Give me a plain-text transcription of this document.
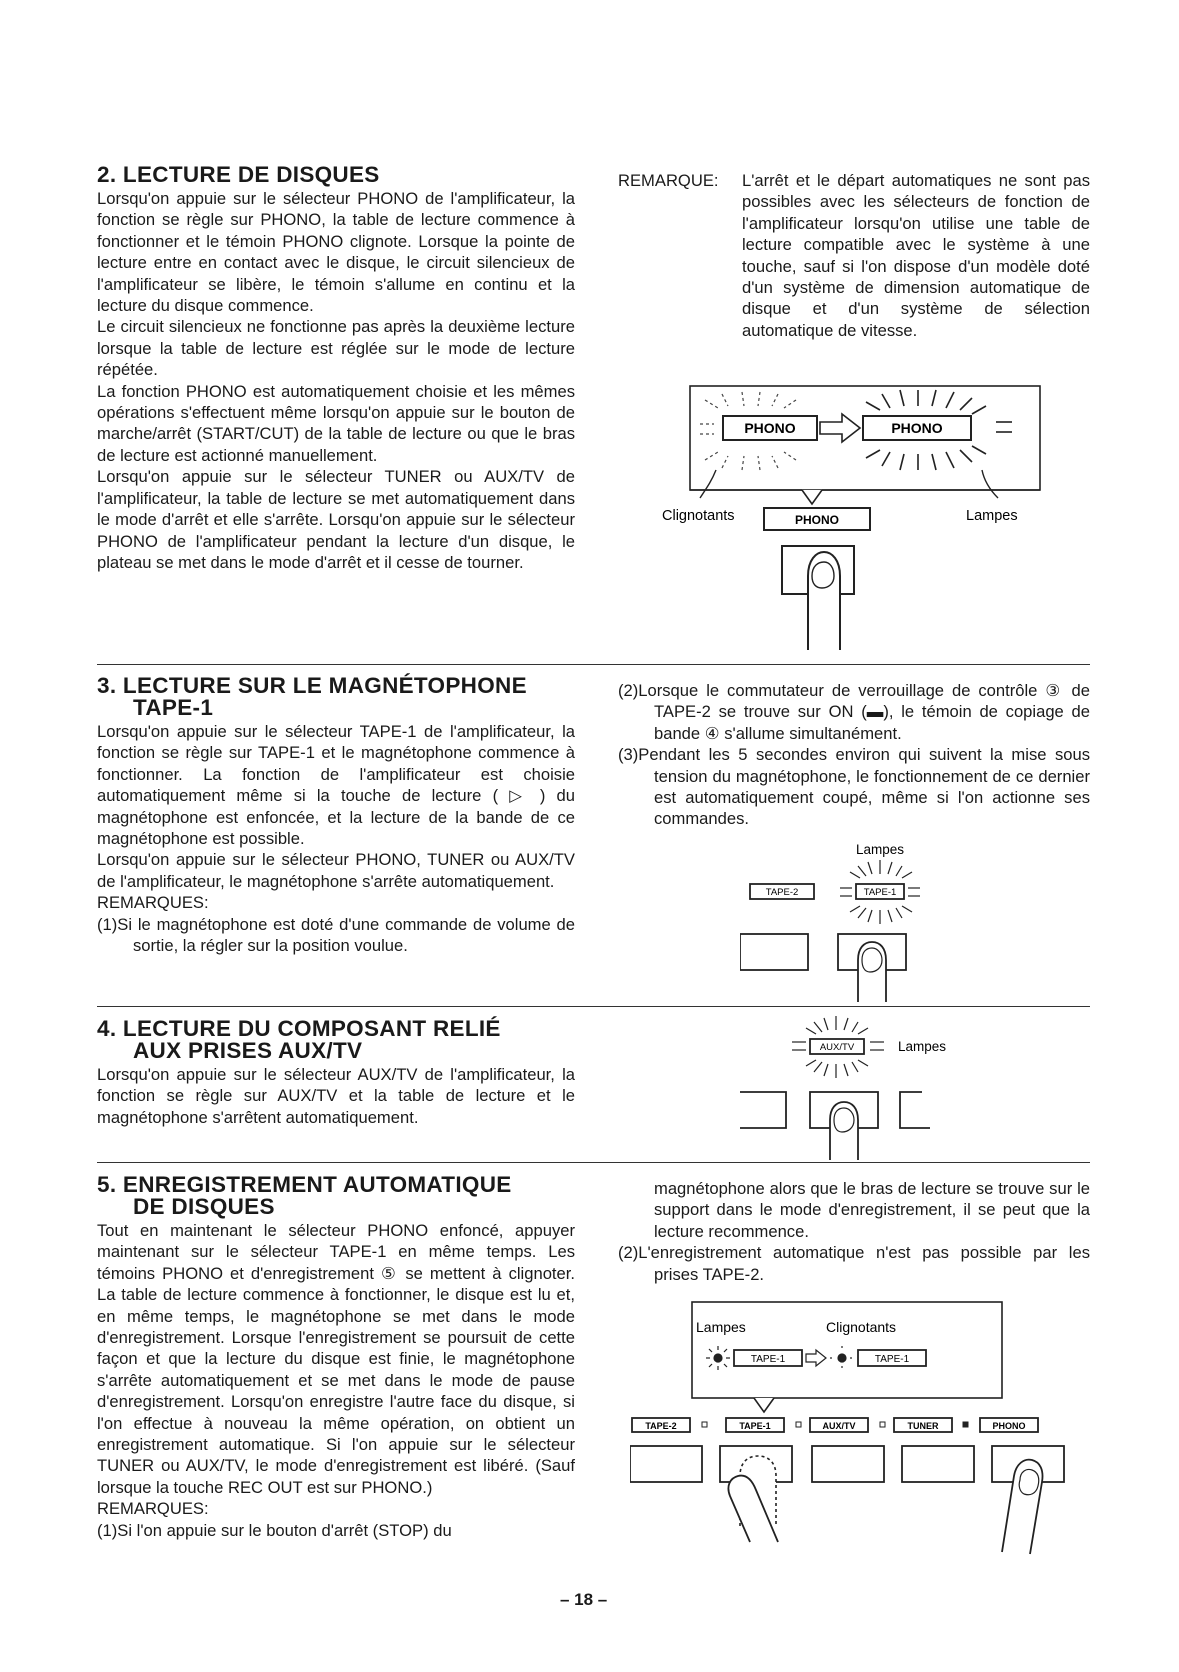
2. LECTURE DE DISQUES

Lorsqu'on appuie sur le sélecteur PHONO de l'amplificateur, la fonction se règle sur PHONO, la table de lecture commence à fonctionner et le témoin PHONO clignote. Lorsque la pointe de lecture entre en contact avec le disque, le circuit silencieux de l'amplificateur se libère, le témoin s'allume en continu et la lecture du disque commence.

Le circuit silencieux ne fonctionne pas après la deuxième lecture lorsque la table de lecture est réglée sur le mode de lecture répétée.

La fonction PHONO est automatiquement choisie et les mêmes opérations s'effectuent même lorsqu'on appuie sur le bouton de marche/arrêt (START/CUT) de la table de lecture ou que le bras de lecture est actionné manuellement.

Lorsqu'on appuie sur le sélecteur TUNER ou AUX/TV de l'amplificateur, la table de lecture se met automatiquement dans le mode d'arrêt et elle s'arrête. Lorsqu'on appuie sur le sélecteur PHONO de l'amplificateur pendant la lecture d'un disque, le plateau se met dans le mode d'arrêt et il cesse de tourner.

REMARQUE:	L'arrêt et le départ automatiques ne sont pas possibles avec les sélecteurs de fonction de l'amplificateur lorsqu'on utilise une table de lecture compatible avec le système à une touche, sauf si l'on dispose d'un modèle doté d'un système de dimension automatique de disque et d'un système de sélection automatique de vitesse.

PHONO	PHONO
Clignotants	Lampes
PHONO
3. LECTURE SUR LE MAGNÉTOPHONE
TAPE-1

Lorsqu'on appuie sur le sélecteur TAPE-1 de l'amplificateur, la fonction se règle sur TAPE-1 et le magnétophone commence à fonctionner. La fonction de l'amplificateur est choisie automatiquement même si la touche de lecture ( ▷ ) du magnétophone est enfoncée, et la lecture de la bande de ce magnétophone est possible.

Lorsqu'on appuie sur le sélecteur PHONO, TUNER ou AUX/TV de l'amplificateur, le magnétophone s'arrête automatiquement.

REMARQUES:

(1)Si le magnétophone est doté d'une commande de volume de sortie, la régler sur la position voulue.

(2)Lorsque le commutateur de verrouillage de contrôle ③ de TAPE-2 se trouve sur ON (▬), le témoin de copiage de bande ④ s'allume simultanément.

(3)Pendant les 5 secondes environ qui suivent la mise sous tension du magnétophone, le fonctionnement de ce dernier est automatiquement coupé, même si l'on actionne ses commandes.

Lampes
TAPE-2	TAPE-1
4. LECTURE DU COMPOSANT RELIÉ
AUX PRISES AUX/TV

Lorsqu'on appuie sur le sélecteur AUX/TV de l'amplificateur, la fonction se règle sur AUX/TV et la table de lecture et le magnétophone s'arrêtent automatiquement.

AUX/TV	Lampes
5. ENREGISTREMENT AUTOMATIQUE
DE DISQUES

Tout en maintenant le sélecteur PHONO enfoncé, appuyer maintenant sur le sélecteur TAPE-1 en même temps. Les témoins PHONO et d'enregistrement ⑤ se mettent à clignoter. La table de lecture commence à fonctionner, le disque est lu et, en même temps, le magnétophone se met dans le mode d'enregistrement. Lorsque l'enregistrement se poursuit de cette façon et que la lecture du disque est finie, le magnétophone s'arrête automatiquement et se met dans le mode de pause d'enregistrement. Lorsqu'on enregistre l'autre face du disque, si l'on effectue à nouveau la même opération, on obtient un enregistrement automatique. Si l'on appuie sur le sélecteur TUNER ou AUX/TV, le mode d'enregistrement est libéré. (Sauf lorsque la touche REC OUT est sur PHONO.)

REMARQUES:

(1)Si l'on appuie sur le bouton d'arrêt (STOP) du

magnétophone alors que le bras de lecture se trouve sur le support dans le mode d'enregistrement, il se peut que la lecture recommence.

(2)L'enregistrement automatique n'est pas possible par les prises TAPE-2.

Lampes	Clignotants
TAPE-1	TAPE-1
TAPE-2	TAPE-1	AUX/TV	TUNER	PHONO
– 18 –
